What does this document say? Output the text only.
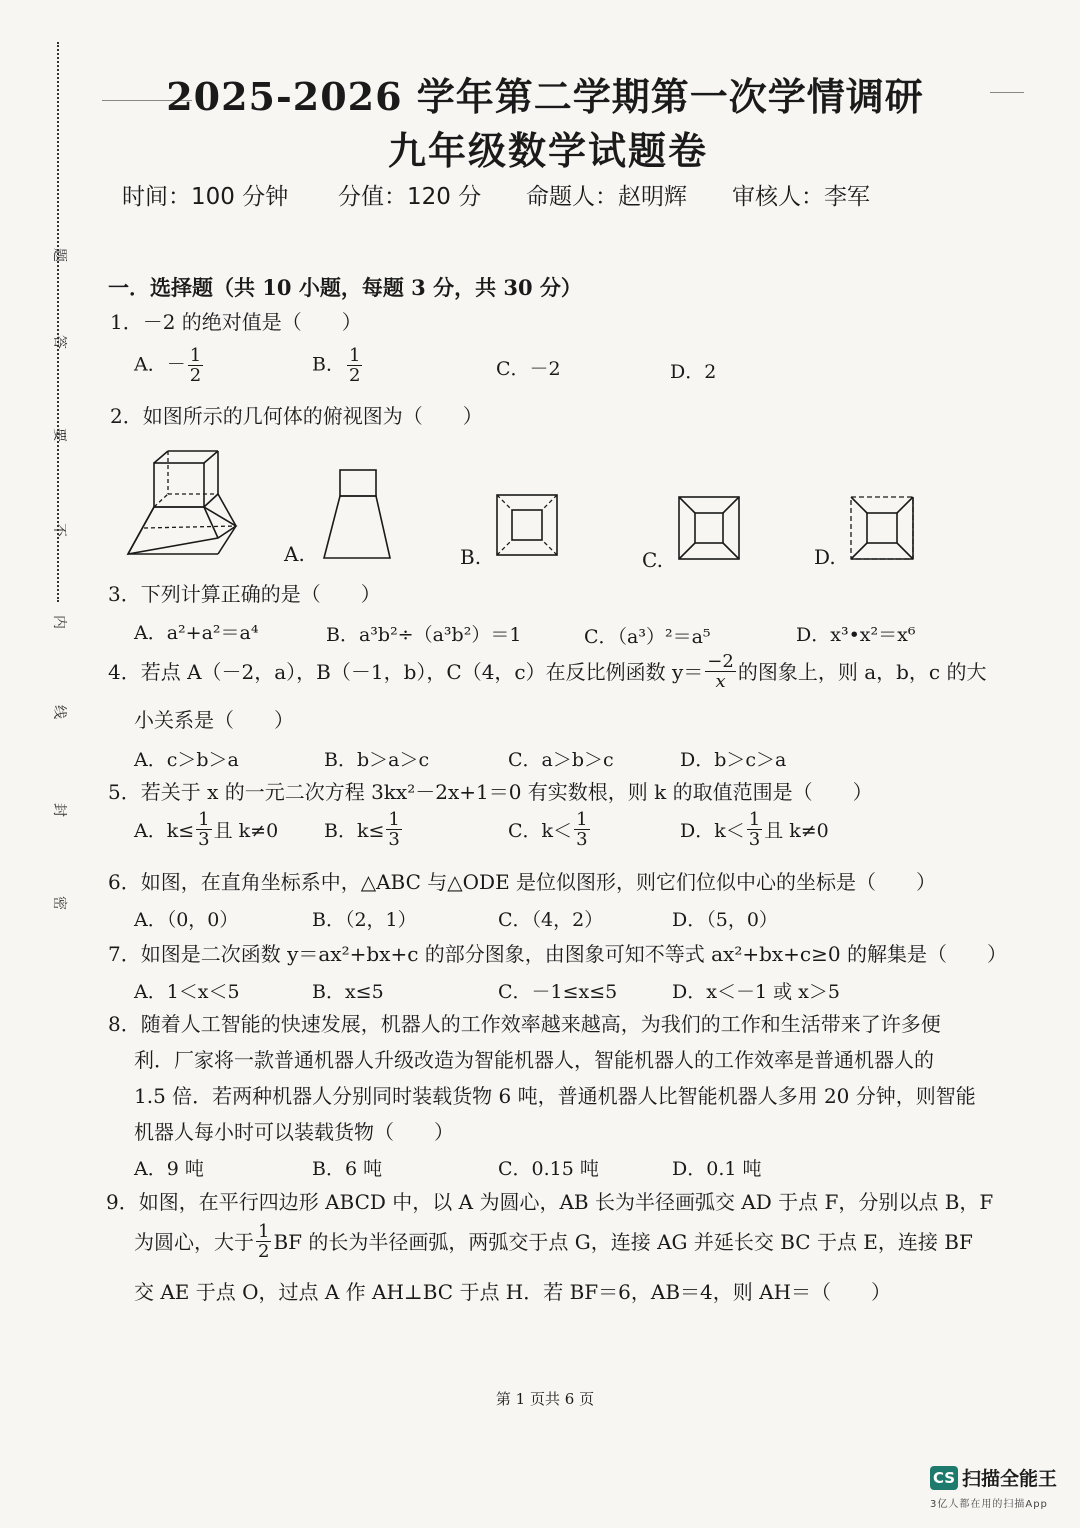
题
答
要
不
内
线
封
密
2025-2026 学年第二学期第一次学情调研
九年级数学试题卷
时间：100 分钟 分值：120 分 命题人：赵明辉 审核人：李军
一．选择题（共 10 小题，每题 3 分，共 30 分）
1．－2 的绝对值是（　　）
A．－ $\frac{1}{2}$	B． $\frac{1}{2}$	C．－2	D．2
2．如图所示的几何体的俯视图为（　　）
A.	B.	C.	D.
3．下列计算正确的是（　　）
A．a²+a²＝a⁴	B．a³b²÷（a³b²）＝1	C．（a³）²＝a⁵	D．x³•x²＝x⁶
4．若点 A（－2，a），B（－1，b），C（4，c）在反比例函数 $y= \frac{-2}{x}$ 的图象上，则 a，b，c 的大
小关系是（　　）
A．c＞b＞a	B．b＞a＞c	C．a＞b＞c	D．b＞c＞a
5．若关于 x 的一元二次方程 3kx²－2x+1＝0 有实数根，则 k 的取值范围是（　　）
A．$k\le \frac{1}{3}$ 且 k≠0 B．$k\le \frac{1}{3}$	C．$k< \frac{1}{3}$	D．$k< \frac{1}{3}$ 且 k≠0
6．如图，在直角坐标系中，△ABC 与△ODE 是位似图形，则它们位似中心的坐标是（　　）
A．（0，0）	B．（2，1）	C．（4，2）	D．（5，0）
7．如图是二次函数 y＝ax²+bx+c 的部分图象，由图象可知不等式 ax²+bx+c≥0 的解集是（　　）
A．1＜x＜5	B．x≤5	C．－1≤x≤5	D．x＜－1 或 x＞5
8．随着人工智能的快速发展，机器人的工作效率越来越高，为我们的工作和生活带来了许多便
利．厂家将一款普通机器人升级改造为智能机器人，智能机器人的工作效率是普通机器人的
1.5 倍．若两种机器人分别同时装载货物 6 吨，普通机器人比智能机器人多用 20 分钟，则智能
机器人每小时可以装载货物（　　）
A．9 吨	B．6 吨	C．0.15 吨	D．0.1 吨
9．如图，在平行四边形 ABCD 中，以 A 为圆心，AB 长为半径画弧交 AD 于点 F，分别以点 B，F
为圆心，大于 $\frac{1}{2}$ BF 的长为半径画弧，两弧交于点 G，连接 AG 并延长交 BC 于点 E，连接 BF
交 AE 于点 O，过点 A 作 AH⊥BC 于点 H．若 BF＝6，AB＝4，则 AH＝（　　）
第 1 页共 6 页
CS 扫描全能王
3亿人都在用的扫描App
